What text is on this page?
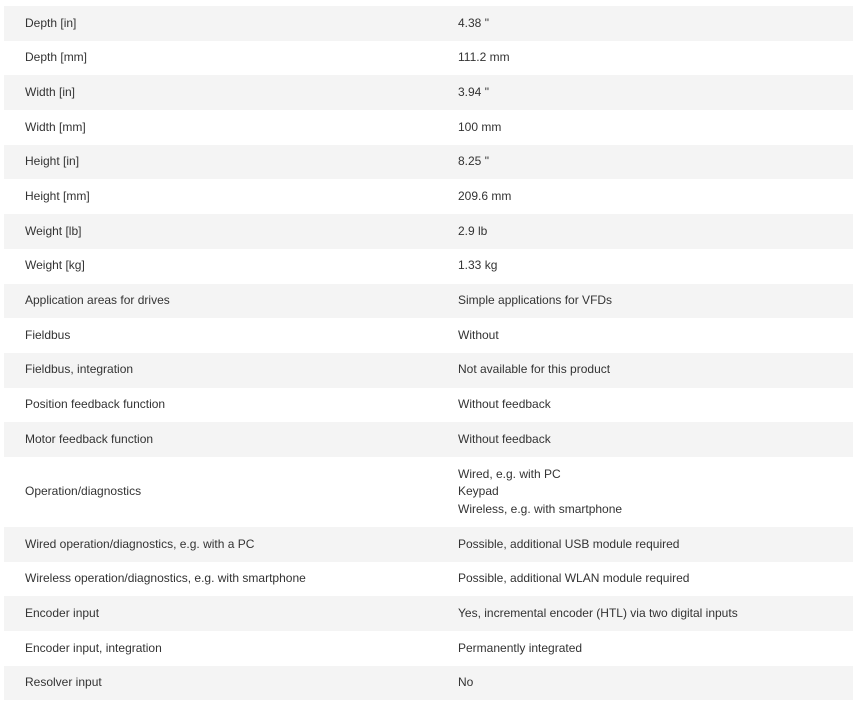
Depth [in]	4.38 "
Depth [mm]	111.2 mm
Width [in]	3.94 "
Width [mm]	100 mm
Height [in]	8.25 "
Height [mm]	209.6 mm
Weight [lb]	2.9 lb
Weight [kg]	1.33 kg
Application areas for drives	Simple applications for VFDs
Fieldbus	Without
Fieldbus, integration	Not available for this product
Position feedback function	Without feedback
Motor feedback function	Without feedback
Operation/diagnostics	Wired, e.g. with PC
Keypad
Wireless, e.g. with smartphone

Wired operation/diagnostics, e.g. with a PC	Possible, additional USB module required
Wireless operation/diagnostics, e.g. with smartphone	Possible, additional WLAN module required
Encoder input	Yes, incremental encoder (HTL) via two digital inputs
Encoder input, integration	Permanently integrated
Resolver input	No
